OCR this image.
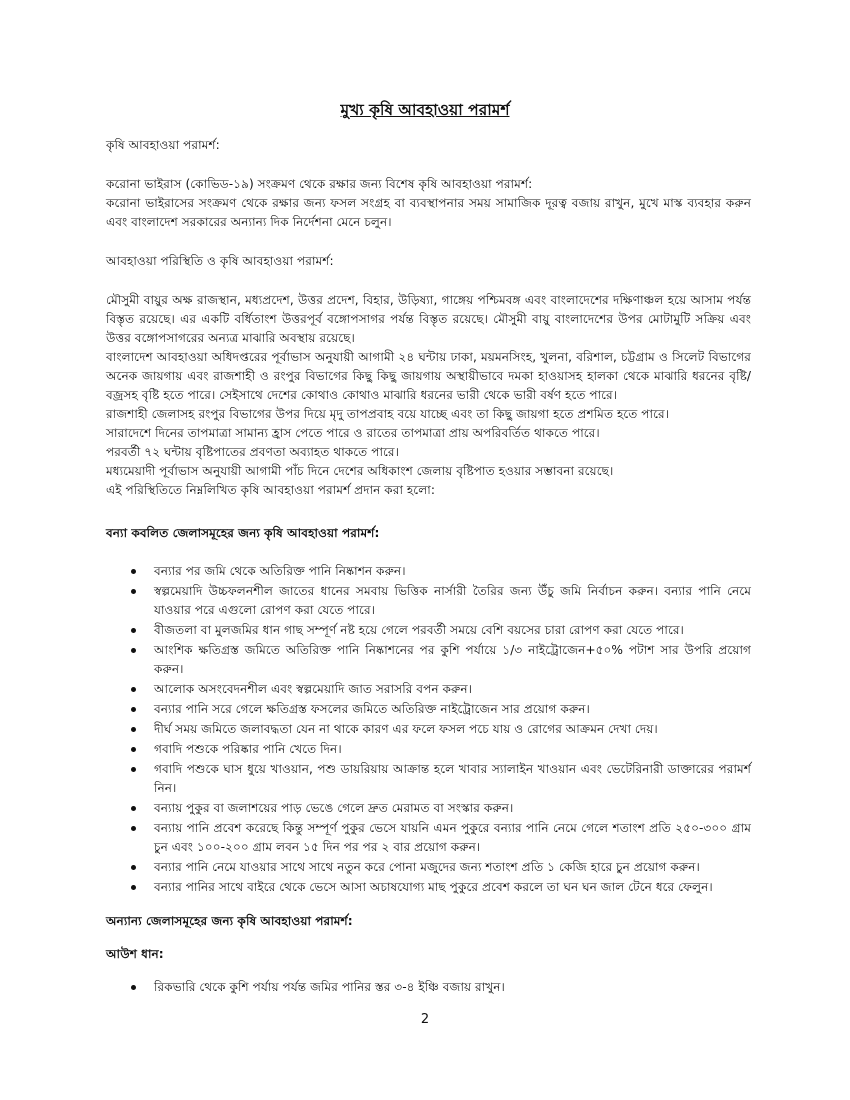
মুখ্য কৃষি আবহাওয়া পরামর্শ

কৃষি আবহাওয়া পরামর্শ:

করোনা ভাইরাস (কোভিড-১৯) সংক্রমণ থেকে রক্ষার জন্য বিশেষ কৃষি আবহাওয়া পরামর্শ:

করোনা ভাইরাসের সংক্রমণ থেকে রক্ষার জন্য ফসল সংগ্রহ বা ব্যবস্থাপনার সময় সামাজিক দূরত্ব বজায় রাখুন, মুখে মাস্ক ব্যবহার করুন এবং বাংলাদেশ সরকারের অন্যান্য দিক নির্দেশনা মেনে চলুন।

আবহাওয়া পরিস্থিতি ও কৃষি আবহাওয়া পরামর্শ:

মৌসুমী বায়ুর অক্ষ রাজস্থান, মধ্যপ্রদেশ, উত্তর প্রদেশ, বিহার, উড়িষ্যা, গাঙ্গেয় পশ্চিমবঙ্গ এবং বাংলাদেশের দক্ষিণাঞ্চল হয়ে আসাম পর্যন্ত বিস্তৃত রয়েছে। এর একটি বর্ধিতাংশ উত্তরপূর্ব বঙ্গোপসাগর পর্যন্ত বিস্তৃত রয়েছে। মৌসুমী বায়ু বাংলাদেশের উপর মোটামুটি সক্রিয় এবং উত্তর বঙ্গোপসাগরের অন্যত্র মাঝারি অবস্থায় রয়েছে।

বাংলাদেশ আবহাওয়া অধিদপ্তরের পূর্বাভাস অনুযায়ী আগামী ২৪ ঘন্টায় ঢাকা, ময়মনসিংহ, খুলনা, বরিশাল, চট্টগ্রাম ও সিলেট বিভাগের অনেক জায়গায় এবং রাজশাহী ও রংপুর বিভাগের কিছু কিছু জায়গায় অস্থায়ীভাবে দমকা হাওয়াসহ হালকা থেকে মাঝারি ধরনের বৃষ্টি/বজ্রসহ বৃষ্টি হতে পারে। সেইসাথে দেশের কোথাও কোথাও মাঝারি ধরনের ভারী থেকে ভারী বর্ষণ হতে পারে।

রাজশাহী জেলাসহ রংপুর বিভাগের উপর দিয়ে মৃদু তাপপ্রবাহ বয়ে যাচ্ছে এবং তা কিছু জায়গা হতে প্রশমিত হতে পারে।

সারাদেশে দিনের তাপমাত্রা সামান্য হ্রাস পেতে পারে ও রাতের তাপমাত্রা প্রায় অপরিবর্তিত থাকতে পারে।

পরবর্তী ৭২ ঘন্টায় বৃষ্টিপাতের প্রবণতা অব্যাহত থাকতে পারে।

মধ্যমেয়াদী পূর্বাভাস অনুযায়ী আগামী পাঁচ দিনে দেশের অধিকাংশ জেলায় বৃষ্টিপাত হওয়ার সম্ভাবনা রয়েছে।

এই পরিস্থিতিতে নিম্নলিখিত কৃষি আবহাওয়া পরামর্শ প্রদান করা হলো:

বন্যা কবলিত জেলাসমূহের জন্য কৃষি আবহাওয়া পরামর্শ:

বন্যার পর জমি থেকে অতিরিক্ত পানি নিষ্কাশন করুন।
স্বল্পমেয়াদি উচ্চফলনশীল জাতের ধানের সমবায় ভিত্তিক নার্সারী তৈরির জন্য উঁচু জমি নির্বাচন করুন। বন্যার পানি নেমে যাওয়ার পরে এগুলো রোপণ করা যেতে পারে।
বীজতলা বা মুলজমির ধান গাছ সম্পূর্ণ নষ্ট হয়ে গেলে পরবর্তী সময়ে বেশি বয়সের চারা রোপণ করা যেতে পারে।
আংশিক ক্ষতিগ্রস্ত জমিতে অতিরিক্ত পানি নিষ্কাশনের পর কুশি পর্যায়ে ১/৩ নাইট্রোজেন+৫০% পটাশ সার উপরি প্রয়োগ করুন।
আলোক অসংবেদনশীল এবং স্বল্পমেয়াদি জাত সরাসরি বপন করুন।
বন্যার পানি সরে গেলে ক্ষতিগ্রস্ত ফসলের জমিতে অতিরিক্ত নাইট্রোজেন সার প্রয়োগ করুন।
দীর্ঘ সময় জমিতে জলাবদ্ধতা যেন না থাকে কারণ এর ফলে ফসল পচে যায় ও রোগের আক্রমন দেখা দেয়।
গবাদি পশুকে পরিষ্কার পানি খেতে দিন।
গবাদি পশুকে ঘাস ধুয়ে খাওয়ান, পশু ডায়রিয়ায় আক্রান্ত হলে খাবার স্যালাইন খাওয়ান এবং ভেটেরিনারী ডাক্তারের পরামর্শ নিন।
বন্যায় পুকুর বা জলাশয়ের পাড় ভেঙে গেলে দ্রুত মেরামত বা সংস্কার করুন।
বন্যায় পানি প্রবেশ করেছে কিন্তু সম্পূর্ণ পুকুর ভেসে যায়নি এমন পুকুরে বন্যার পানি নেমে গেলে শতাংশ প্রতি ২৫০-৩০০ গ্রাম চুন এবং ১০০-২০০ গ্রাম লবন ১৫ দিন পর পর ২ বার প্রয়োগ করুন।
বন্যার পানি নেমে যাওয়ার সাথে সাথে নতুন করে পোনা মজুদের জন্য শতাংশ প্রতি ১ কেজি হারে চুন প্রয়োগ করুন।
বন্যার পানির সাথে বাইরে থেকে ভেসে আসা অচাষযোগ্য মাছ পুকুরে প্রবেশ করলে তা ঘন ঘন জাল টেনে ধরে ফেলুন।

অন্যান্য জেলাসমূহের জন্য কৃষি আবহাওয়া পরামর্শ:

আউশ ধান:

রিকভারি থেকে কুশি পর্যায় পর্যন্ত জমির পানির স্তর ৩-৪ ইঞ্চি বজায় রাখুন।
2
